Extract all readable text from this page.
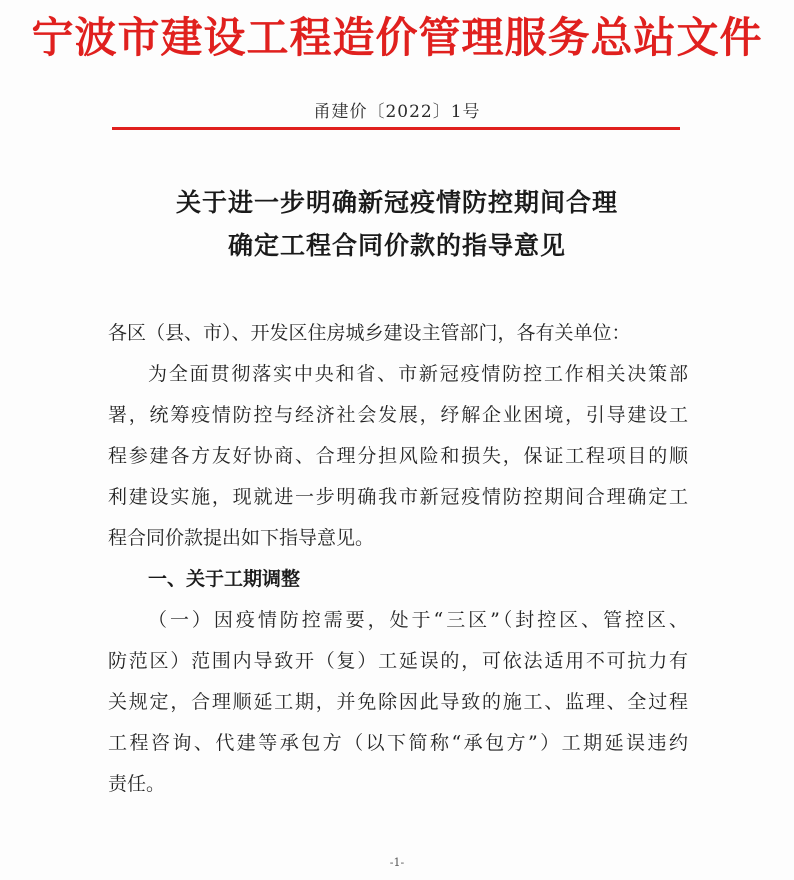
宁波市建设工程造价管理服务总站文件
甬建价〔2022〕1号
关于进一步明确新冠疫情防控期间合理
确定工程合同价款的指导意见
各区（县、市）、开发区住房城乡建设主管部门，各有关单位：
为全面贯彻落实中央和省、市新冠疫情防控工作相关决策部
署，统筹疫情防控与经济社会发展，纾解企业困境，引导建设工
程参建各方友好协商、合理分担风险和损失，保证工程项目的顺
利建设实施，现就进一步明确我市新冠疫情防控期间合理确定工
程合同价款提出如下指导意见。
一、关于工期调整
（一）因疫情防控需要，处于“三区”（封控区、管控区、
防范区）范围内导致开（复）工延误的，可依法适用不可抗力有
关规定，合理顺延工期，并免除因此导致的施工、监理、全过程
工程咨询、代建等承包方（以下简称“承包方”）工期延误违约
责任。
-1-
